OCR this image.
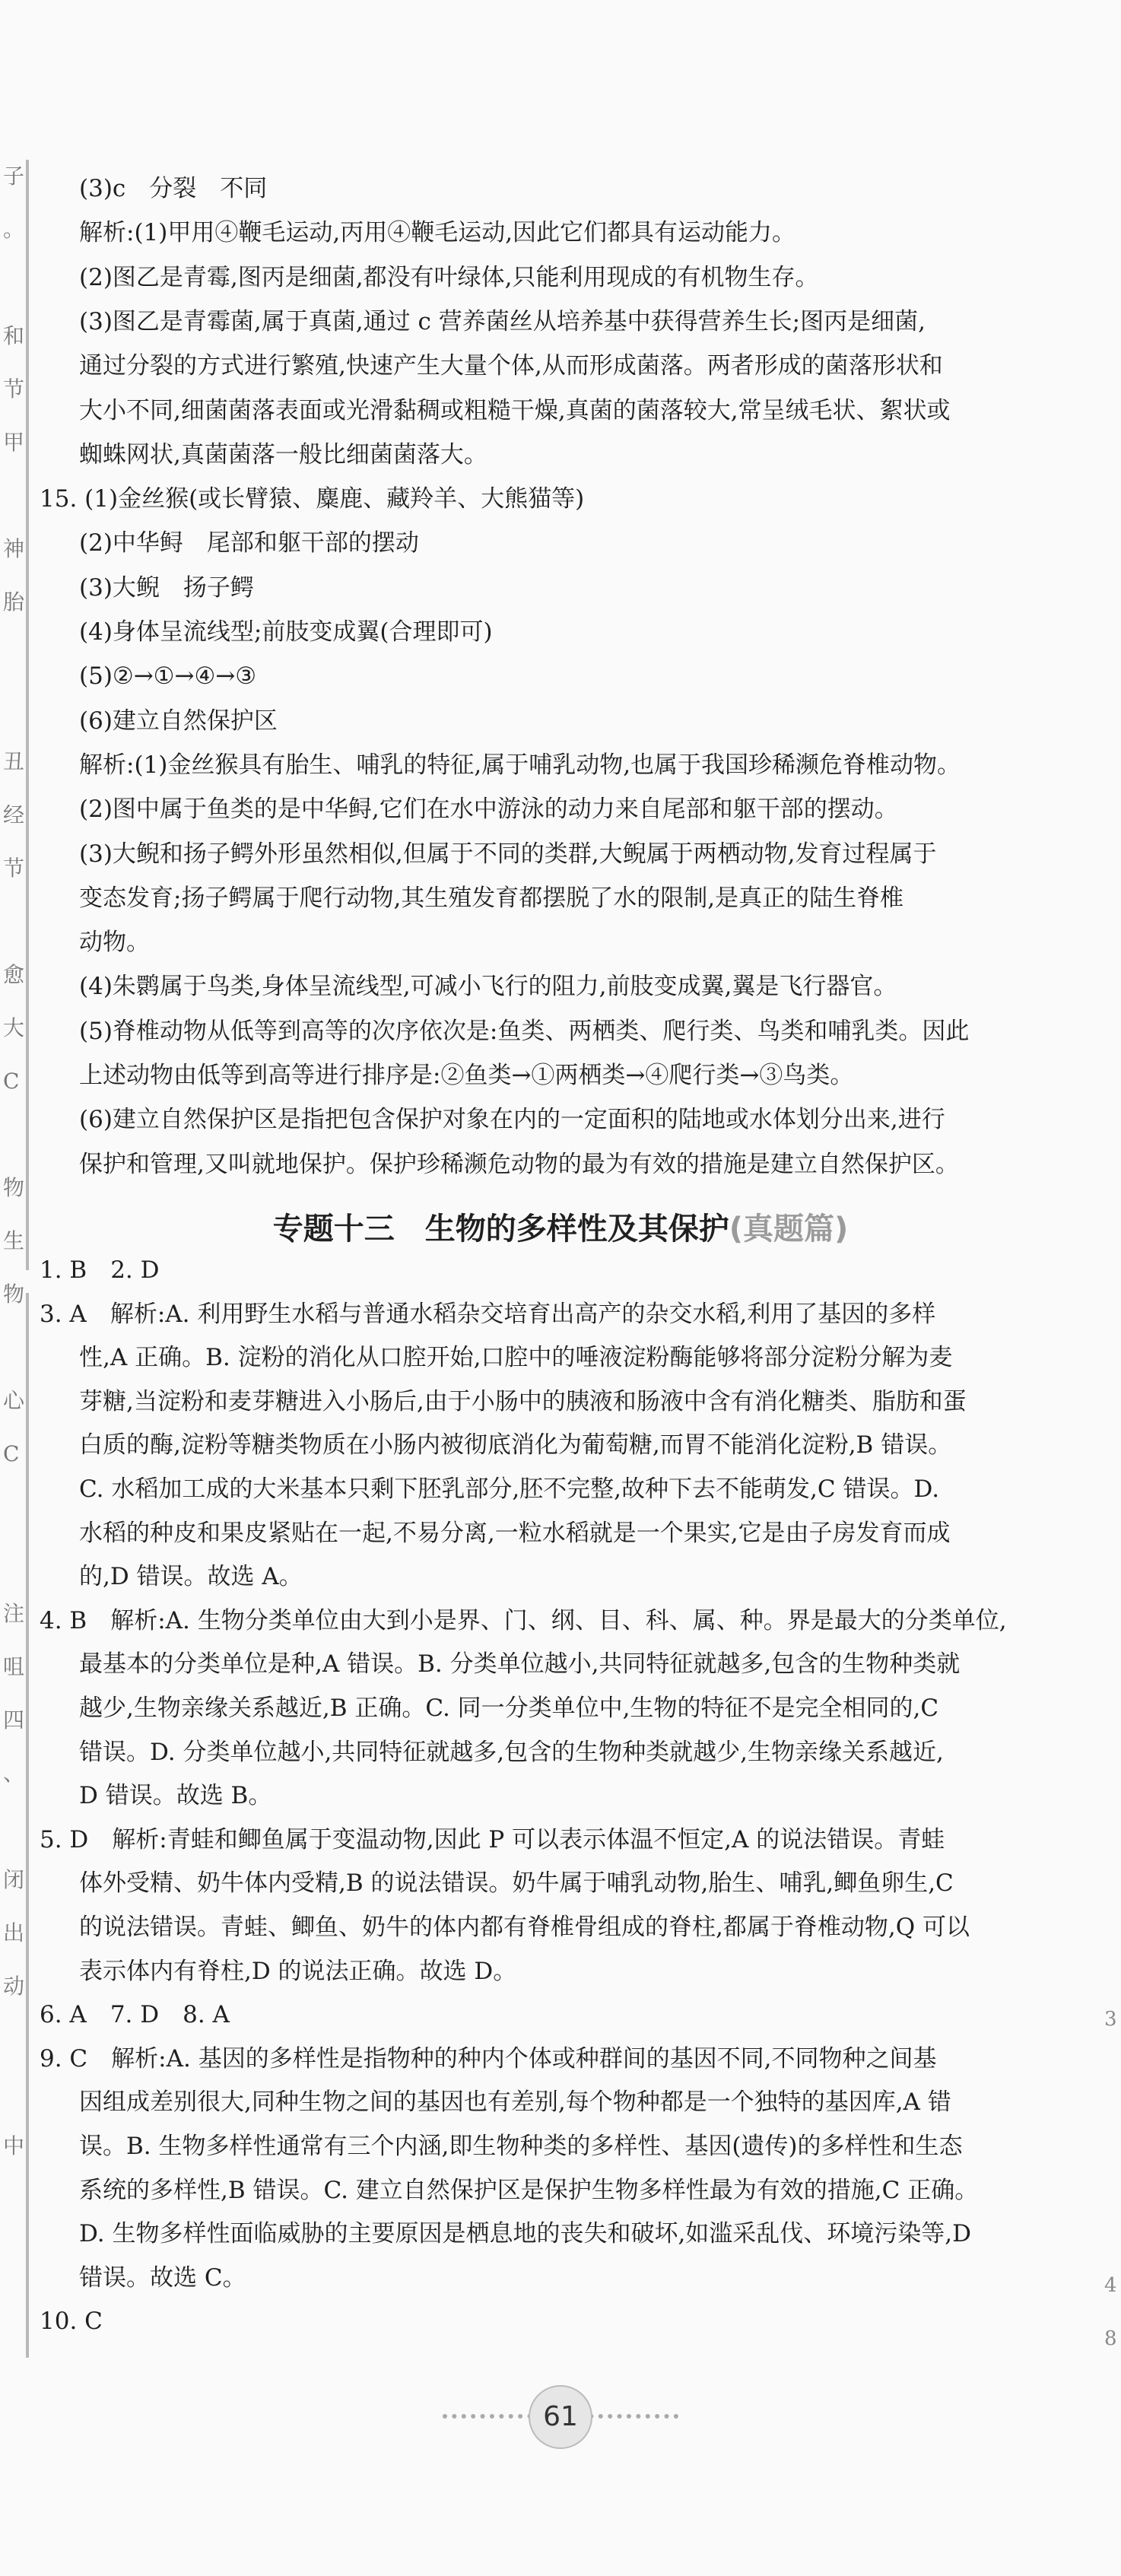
子
。
和
节
甲
神
胎
丑
经
节
愈
大
C
物
生
物
心
C
注
咀
四
、
闭
出
动
中
(3)c　分裂　不同
解析:(1)甲用④鞭毛运动,丙用④鞭毛运动,因此它们都具有运动能力。
(2)图乙是青霉,图丙是细菌,都没有叶绿体,只能利用现成的有机物生存。
(3)图乙是青霉菌,属于真菌,通过 c 营养菌丝从培养基中获得营养生长;图丙是细菌,
通过分裂的方式进行繁殖,快速产生大量个体,从而形成菌落。两者形成的菌落形状和
大小不同,细菌菌落表面或光滑黏稠或粗糙干燥,真菌的菌落较大,常呈绒毛状、絮状或
蜘蛛网状,真菌菌落一般比细菌菌落大。
15. (1)金丝猴(或长臂猿、麋鹿、藏羚羊、大熊猫等)
(2)中华鲟　尾部和躯干部的摆动
(3)大鲵　扬子鳄
(4)身体呈流线型;前肢变成翼(合理即可)
(5)②→①→④→③
(6)建立自然保护区
解析:(1)金丝猴具有胎生、哺乳的特征,属于哺乳动物,也属于我国珍稀濒危脊椎动物。
(2)图中属于鱼类的是中华鲟,它们在水中游泳的动力来自尾部和躯干部的摆动。
(3)大鲵和扬子鳄外形虽然相似,但属于不同的类群,大鲵属于两栖动物,发育过程属于
变态发育;扬子鳄属于爬行动物,其生殖发育都摆脱了水的限制,是真正的陆生脊椎
动物。
(4)朱鹮属于鸟类,身体呈流线型,可减小飞行的阻力,前肢变成翼,翼是飞行器官。
(5)脊椎动物从低等到高等的次序依次是:鱼类、两栖类、爬行类、鸟类和哺乳类。因此
上述动物由低等到高等进行排序是:②鱼类→①两栖类→④爬行类→③鸟类。
(6)建立自然保护区是指把包含保护对象在内的一定面积的陆地或水体划分出来,进行
保护和管理,又叫就地保护。保护珍稀濒危动物的最为有效的措施是建立自然保护区。
专题十三　生物的多样性及其保护(真题篇)
1. B　2. D
3. A　解析:A. 利用野生水稻与普通水稻杂交培育出高产的杂交水稻,利用了基因的多样
性,A 正确。B. 淀粉的消化从口腔开始,口腔中的唾液淀粉酶能够将部分淀粉分解为麦
芽糖,当淀粉和麦芽糖进入小肠后,由于小肠中的胰液和肠液中含有消化糖类、脂肪和蛋
白质的酶,淀粉等糖类物质在小肠内被彻底消化为葡萄糖,而胃不能消化淀粉,B 错误。
C. 水稻加工成的大米基本只剩下胚乳部分,胚不完整,故种下去不能萌发,C 错误。D.
水稻的种皮和果皮紧贴在一起,不易分离,一粒水稻就是一个果实,它是由子房发育而成
的,D 错误。故选 A。
4. B　解析:A. 生物分类单位由大到小是界、门、纲、目、科、属、种。界是最大的分类单位,
最基本的分类单位是种,A 错误。B. 分类单位越小,共同特征就越多,包含的生物种类就
越少,生物亲缘关系越近,B 正确。C. 同一分类单位中,生物的特征不是完全相同的,C
错误。D. 分类单位越小,共同特征就越多,包含的生物种类就越少,生物亲缘关系越近,
D 错误。故选 B。
5. D　解析:青蛙和鲫鱼属于变温动物,因此 P 可以表示体温不恒定,A 的说法错误。青蛙
体外受精、奶牛体内受精,B 的说法错误。奶牛属于哺乳动物,胎生、哺乳,鲫鱼卵生,C
的说法错误。青蛙、鲫鱼、奶牛的体内都有脊椎骨组成的脊柱,都属于脊椎动物,Q 可以
表示体内有脊柱,D 的说法正确。故选 D。
6. A　7. D　8. A
9. C　解析:A. 基因的多样性是指物种的种内个体或种群间的基因不同,不同物种之间基
因组成差别很大,同种生物之间的基因也有差别,每个物种都是一个独特的基因库,A 错
误。B. 生物多样性通常有三个内涵,即生物种类的多样性、基因(遗传)的多样性和生态
系统的多样性,B 错误。C. 建立自然保护区是保护生物多样性最为有效的措施,C 正确。
D. 生物多样性面临威胁的主要原因是栖息地的丧失和破坏,如滥采乱伐、环境污染等,D
错误。故选 C。
10. C
3
4
8
61
